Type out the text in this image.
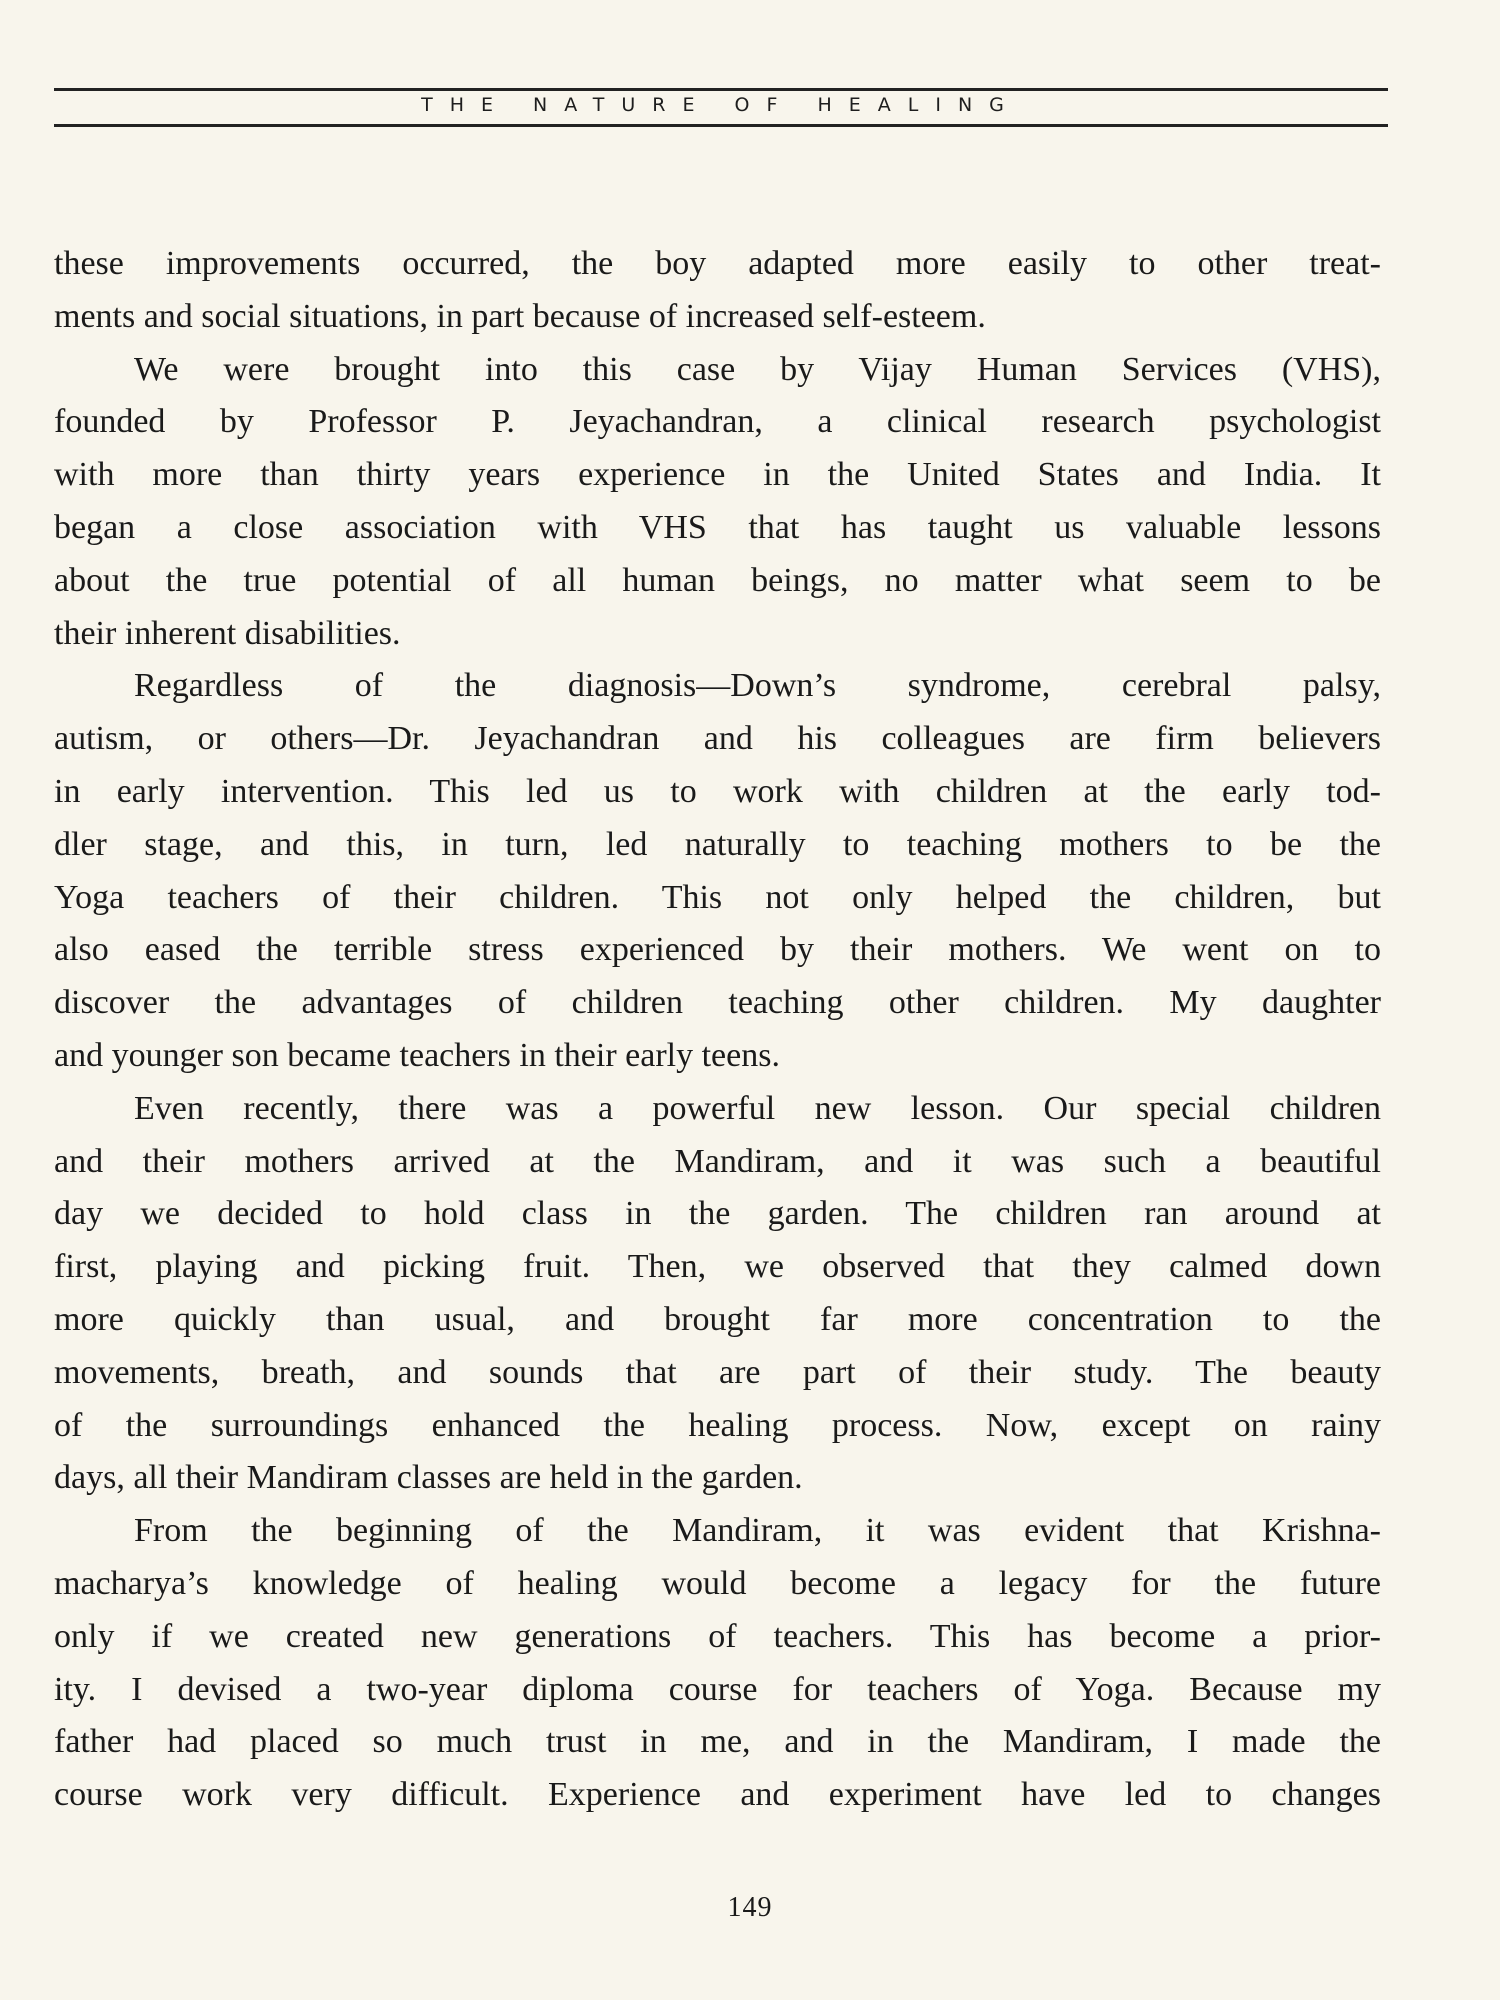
THE NATURE OF HEALING
these improvements occurred, the boy adapted more easily to other treat-
ments and social situations, in part because of increased self-esteem.
We were brought into this case by Vijay Human Services (VHS),
founded by Professor P. Jeyachandran, a clinical research psychologist
with more than thirty years experience in the United States and India. It
began a close association with VHS that has taught us valuable lessons
about the true potential of all human beings, no matter what seem to be
their inherent disabilities.
Regardless of the diagnosis—Down’s syndrome, cerebral palsy,
autism, or others—Dr. Jeyachandran and his colleagues are firm believers
in early intervention. This led us to work with children at the early tod-
dler stage, and this, in turn, led naturally to teaching mothers to be the
Yoga teachers of their children. This not only helped the children, but
also eased the terrible stress experienced by their mothers. We went on to
discover the advantages of children teaching other children. My daughter
and younger son became teachers in their early teens.
Even recently, there was a powerful new lesson. Our special children
and their mothers arrived at the Mandiram, and it was such a beautiful
day we decided to hold class in the garden. The children ran around at
first, playing and picking fruit. Then, we observed that they calmed down
more quickly than usual, and brought far more concentration to the
movements, breath, and sounds that are part of their study. The beauty
of the surroundings enhanced the healing process. Now, except on rainy
days, all their Mandiram classes are held in the garden.
From the beginning of the Mandiram, it was evident that Krishna-
macharya’s knowledge of healing would become a legacy for the future
only if we created new generations of teachers. This has become a prior-
ity. I devised a two-year diploma course for teachers of Yoga. Because my
father had placed so much trust in me, and in the Mandiram, I made the
course work very difficult. Experience and experiment have led to changes
149
